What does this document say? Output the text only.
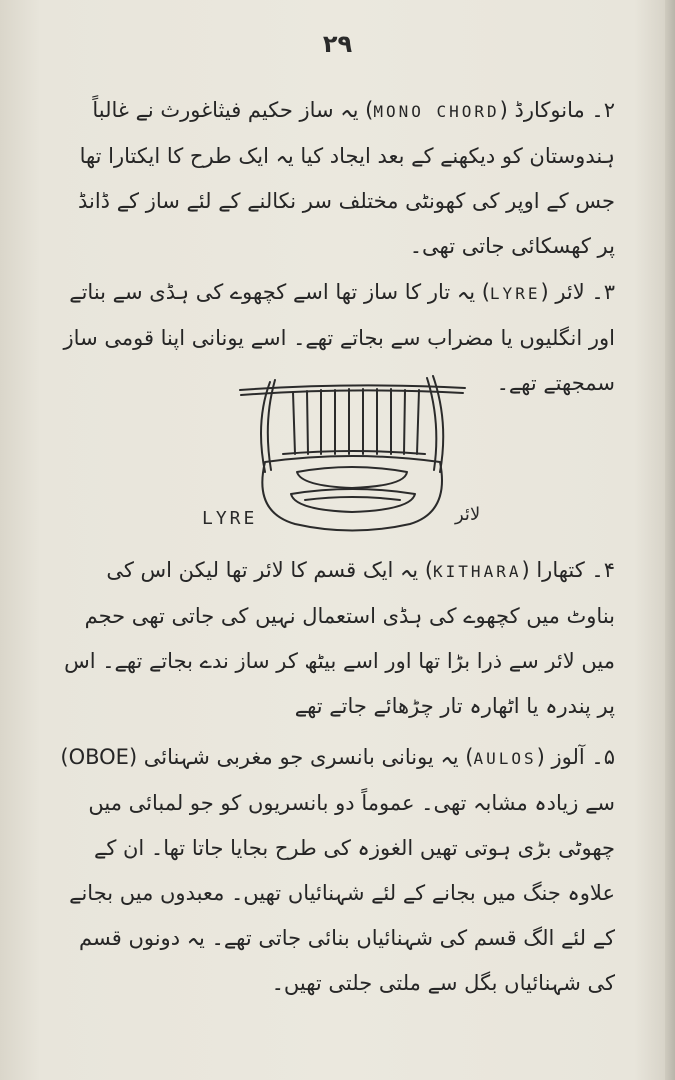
۲۹

۲۔ مانوکارڈ (MONO CHORD) یہ ساز حکیم فیثاغورث نے غالباً ہندوستان کو دیکھنے کے بعد ایجاد کیا یہ ایک طرح کا ایکتارا تھا جس کے اوپر کی کھونٹی مختلف سر نکالنے کے لئے ساز کے ڈانڈ پر کھسکائی جاتی تھی۔

۳۔ لائر (LYRE) یہ تار کا ساز تھا اسے کچھوے کی ہڈی سے بناتے اور انگلیوں یا مضراب سے بجاتے تھے۔ اسے یونانی اپنا قومی ساز سمجھتے تھے۔

LYRE	لائر

۴۔ کتھارا (KITHARA) یہ ایک قسم کا لائر تھا لیکن اس کی بناوٹ میں کچھوے کی ہڈی استعمال نہیں کی جاتی تھی حجم میں لائر سے ذرا بڑا تھا اور اسے بیٹھ کر ساز ندے بجاتے تھے۔ اس پر پندرہ یا اٹھارہ تار چڑھائے جاتے تھے

۵۔ آلوز (AULOS) یہ یونانی بانسری جو مغربی شہنائی (OBOE) سے زیادہ مشابہ تھی۔ عموماً دو بانسریوں کو جو لمبائی میں چھوٹی بڑی ہوتی تھیں الغوزہ کی طرح بجایا جاتا تھا۔ ان کے علاوہ جنگ میں بجانے کے لئے شہنائیاں تھیں۔ معبدوں میں بجانے کے لئے الگ قسم کی شہنائیاں بنائی جاتی تھے۔ یہ دونوں قسم کی شہنائیاں بگل سے ملتی جلتی تھیں۔
